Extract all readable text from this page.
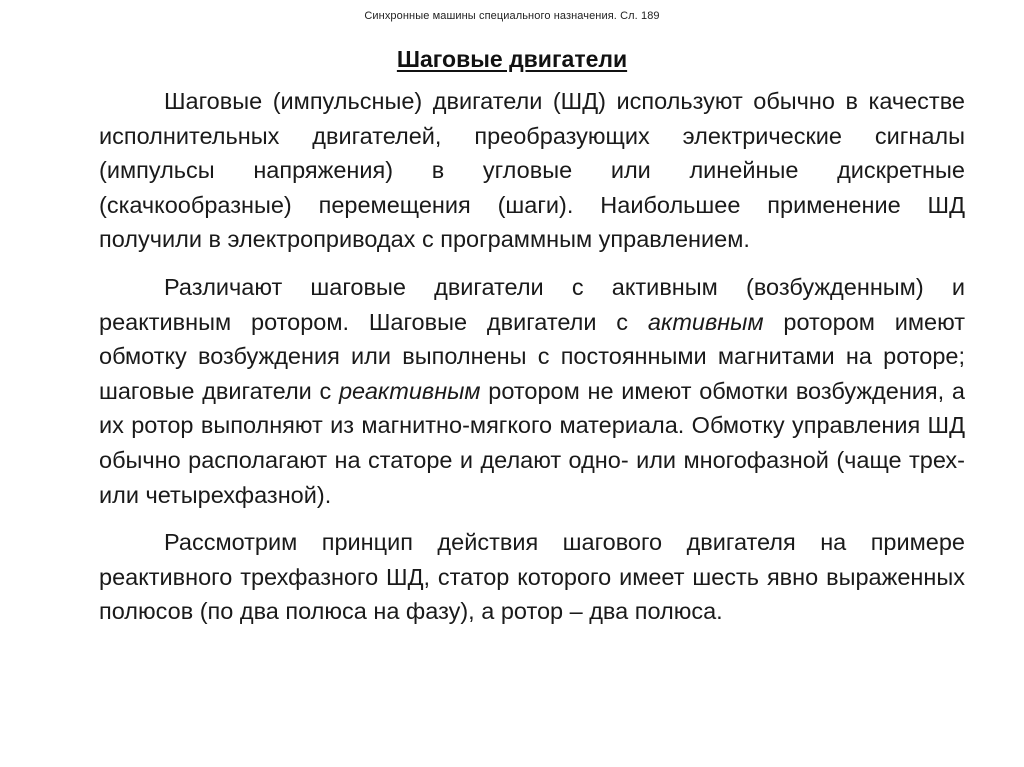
Синхронные машины специального назначения. Сл. 189
Шаговые двигатели

Шаговые (импульсные) двигатели (ШД) используют обычно в качестве исполнительных двигателей, преобразующих электрические сигналы (импульсы напряжения) в угловые или линейные дискретные (скачкообразные) перемещения (шаги). Наибольшее применение ШД получили в электроприводах с программным управлением.

Различают шаговые двигатели с активным (возбужденным) и реактивным ротором. Шаговые двигатели с активным ротором имеют обмотку возбуждения или выполнены с постоянными магнитами на роторе; шаговые двигатели с реактивным ротором не имеют обмотки возбуждения, а их ротор выполняют из магнитно-мягкого материала. Обмотку управления ШД обычно располагают на статоре и делают одно- или многофазной (чаще трех- или четырехфазной).

Рассмотрим принцип действия шагового двигателя на примере реактивного трехфазного ШД, статор которого имеет шесть явно выраженных полюсов (по два полюса на фазу), а ротор – два полюса.
